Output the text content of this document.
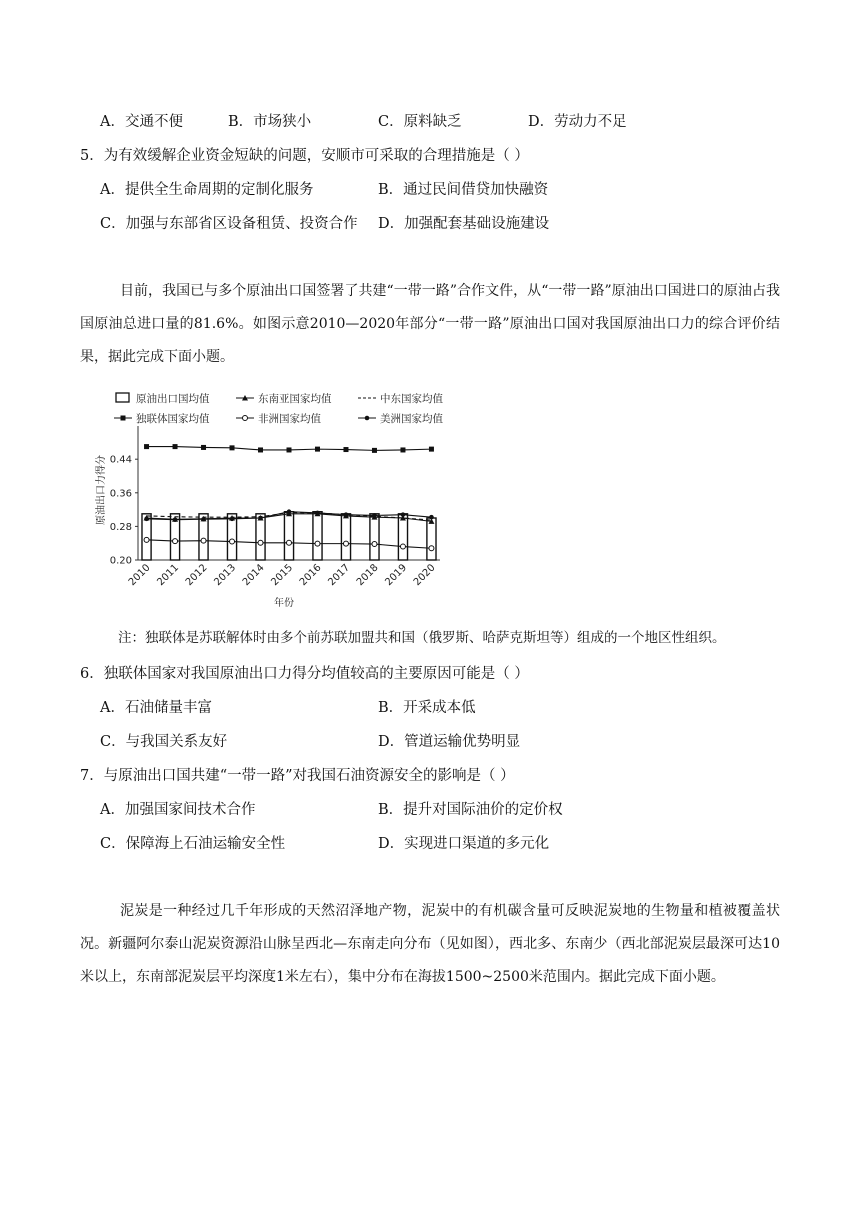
A．交通不便	B．市场狭小	C．原料缺乏	D．劳动力不足
5．为有效缓解企业资金短缺的问题，安顺市可采取的合理措施是（ ）
A．提供全生命周期的定制化服务	B．通过民间借贷加快融资
C．加强与东部省区设备租赁、投资合作 D．加强配套基础设施建设
目前，我国已与多个原油出口国签署了共建“一带一路”合作文件，从“一带一路”原油出口国进口的原油占我国原油总进口量的81.6%。如图示意2010—2020年部分“一带一路”原油出口国对我国原油出口力的综合评价结果，据此完成下面小题。
原油出口国均值	东南亚国家均值	中东国家均值
独联体国家均值	非洲国家均值	美洲国家均值
原油出口力得分
0.20
0.28
0.36
0.44
2010 2011 2012 2013 2014 2015 2016 2017 2018 2019 2020
年份
注：独联体是苏联解体时由多个前苏联加盟共和国（俄罗斯、哈萨克斯坦等）组成的一个地区性组织。
6．独联体国家对我国原油出口力得分均值较高的主要原因可能是（ ）
A．石油储量丰富	B．开采成本低
C．与我国关系友好	D．管道运输优势明显
7．与原油出口国共建“一带一路”对我国石油资源安全的影响是（ ）
A．加强国家间技术合作	B．提升对国际油价的定价权
C．保障海上石油运输安全性	D．实现进口渠道的多元化
泥炭是一种经过几千年形成的天然沼泽地产物，泥炭中的有机碳含量可反映泥炭地的生物量和植被覆盖状况。新疆阿尔泰山泥炭资源沿山脉呈西北—东南走向分布（见如图），西北多、东南少（西北部泥炭层最深可达10米以上，东南部泥炭层平均深度1米左右），集中分布在海拔1500~2500米范围内。据此完成下面小题。
